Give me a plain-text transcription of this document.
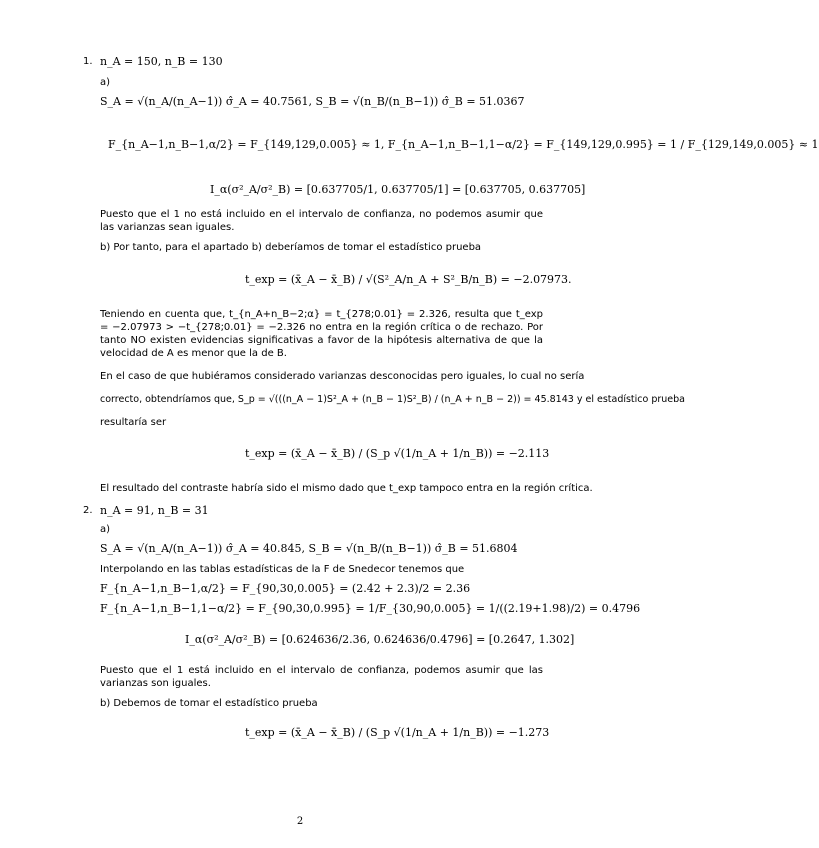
1. n_A = 150, n_B = 130
a)
S_A = √(n_A/(n_A−1)) σ̂_A = 40.7561, S_B = √(n_B/(n_B−1)) σ̂_B = 51.0367
F_{n_A−1,n_B−1,α/2} = F_{149,129,0.005} ≈ 1, F_{n_A−1,n_B−1,1−α/2} = F_{149,129,0.995} = 1 / F_{129,149,0.005} ≈ 1
I_α(σ²_A/σ²_B) = [0.637705/1, 0.637705/1] = [0.637705, 0.637705]
Puesto que el 1 no está incluido en el intervalo de confianza, no podemos asumir que las varianzas sean iguales.
b) Por tanto, para el apartado b) deberíamos de tomar el estadístico prueba
t_exp = (x̄_A − x̄_B) / √(S²_A/n_A + S²_B/n_B) = −2.07973.
Teniendo en cuenta que, t_{n_A+n_B−2;α} = t_{278;0.01} = 2.326, resulta que t_exp = −2.07973 > −t_{278;0.01} = −2.326 no entra en la región crítica o de rechazo. Por tanto NO existen evidencias significativas a favor de la hipótesis alternativa de que la velocidad de A es menor que la de B.
En el caso de que hubiéramos considerado varianzas desconocidas pero iguales, lo cual no sería
correcto, obtendríamos que, S_p = √(((n_A − 1)S²_A + (n_B − 1)S²_B) / (n_A + n_B − 2)) = 45.8143 y el estadístico prueba
resultaría ser
t_exp = (x̄_A − x̄_B) / (S_p √(1/n_A + 1/n_B)) = −2.113
El resultado del contraste habría sido el mismo dado que t_exp tampoco entra en la región crítica.
2. n_A = 91, n_B = 31
a)
S_A = √(n_A/(n_A−1)) σ̂_A = 40.845, S_B = √(n_B/(n_B−1)) σ̂_B = 51.6804
Interpolando en las tablas estadísticas de la F de Snedecor tenemos que
F_{n_A−1,n_B−1,α/2} = F_{90,30,0.005} = (2.42 + 2.3)/2 = 2.36
F_{n_A−1,n_B−1,1−α/2} = F_{90,30,0.995} = 1/F_{30,90,0.005} = 1/((2.19+1.98)/2) = 0.4796
I_α(σ²_A/σ²_B) = [0.624636/2.36, 0.624636/0.4796] = [0.2647, 1.302]
Puesto que el 1 está incluido en el intervalo de confianza, podemos asumir que las varianzas son iguales.
b) Debemos de tomar el estadístico prueba
t_exp = (x̄_A − x̄_B) / (S_p √(1/n_A + 1/n_B)) = −1.273
2
